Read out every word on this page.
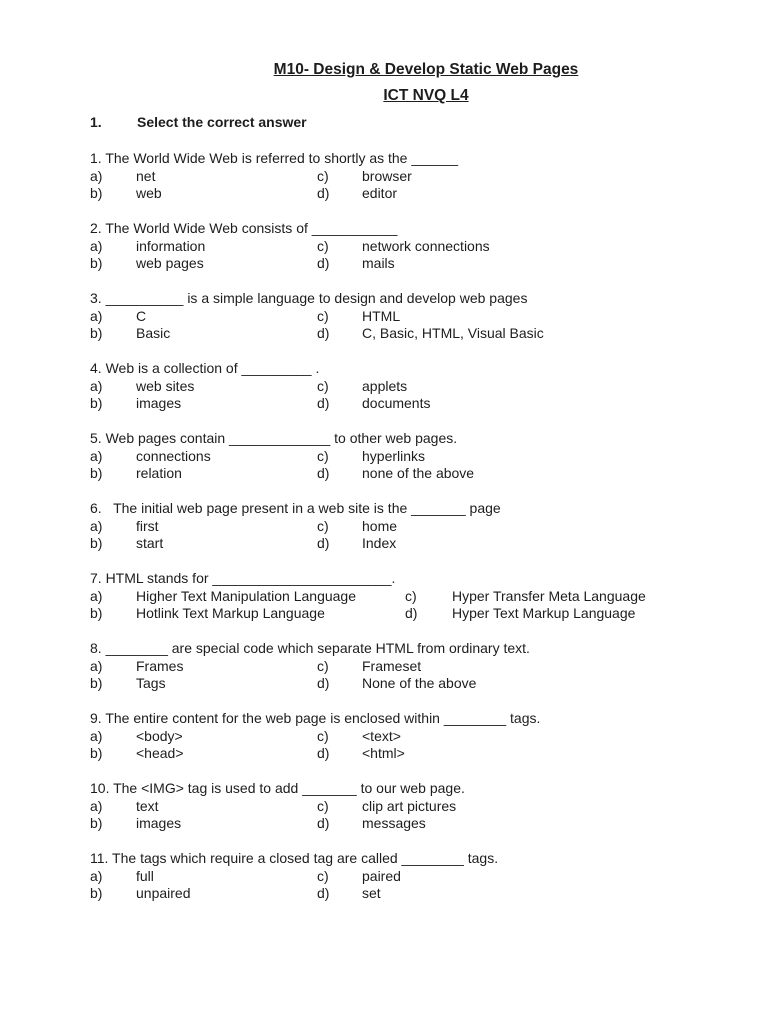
M10- Design & Develop Static Web Pages
ICT NVQ L4
1.	Select the correct answer
1. The World Wide Web is referred to shortly as the ______
a)	net	c)	browser
b)	web	d)	editor
2. The World Wide Web consists of ___________
a)	information	c)	network connections
b)	web pages	d)	mails
3. __________ is a simple language to design and develop web pages
a)	C	c)	HTML
b)	Basic	d)	C, Basic, HTML, Visual Basic
4. Web is a collection of _________ .
a)	web sites	c)	applets
b)	images	d)	documents
5. Web pages contain _____________ to other web pages.
a)	connections	c)	hyperlinks
b)	relation	d)	none of the above
6.   The initial web page present in a web site is the _______ page
a)	first	c)	home
b)	start	d)	Index
7. HTML stands for _______________________.
a)	Higher Text Manipulation Language	c)	Hyper Transfer Meta Language
b)	Hotlink Text Markup Language	d)	Hyper Text Markup Language
8. ________ are special code which separate HTML from ordinary text.
a)	Frames	c)	Frameset
b)	Tags	d)	None of the above
9. The entire content for the web page is enclosed within ________ tags.
a)	<body>	c)	<text>
b)	<head>	d)	<html>
10. The <IMG> tag is used to add _______ to our web page.
a)	text	c)	clip art pictures
b)	images	d)	messages
11. The tags which require a closed tag are called ________ tags.
a)	full	c)	paired
b)	unpaired	d)	set
